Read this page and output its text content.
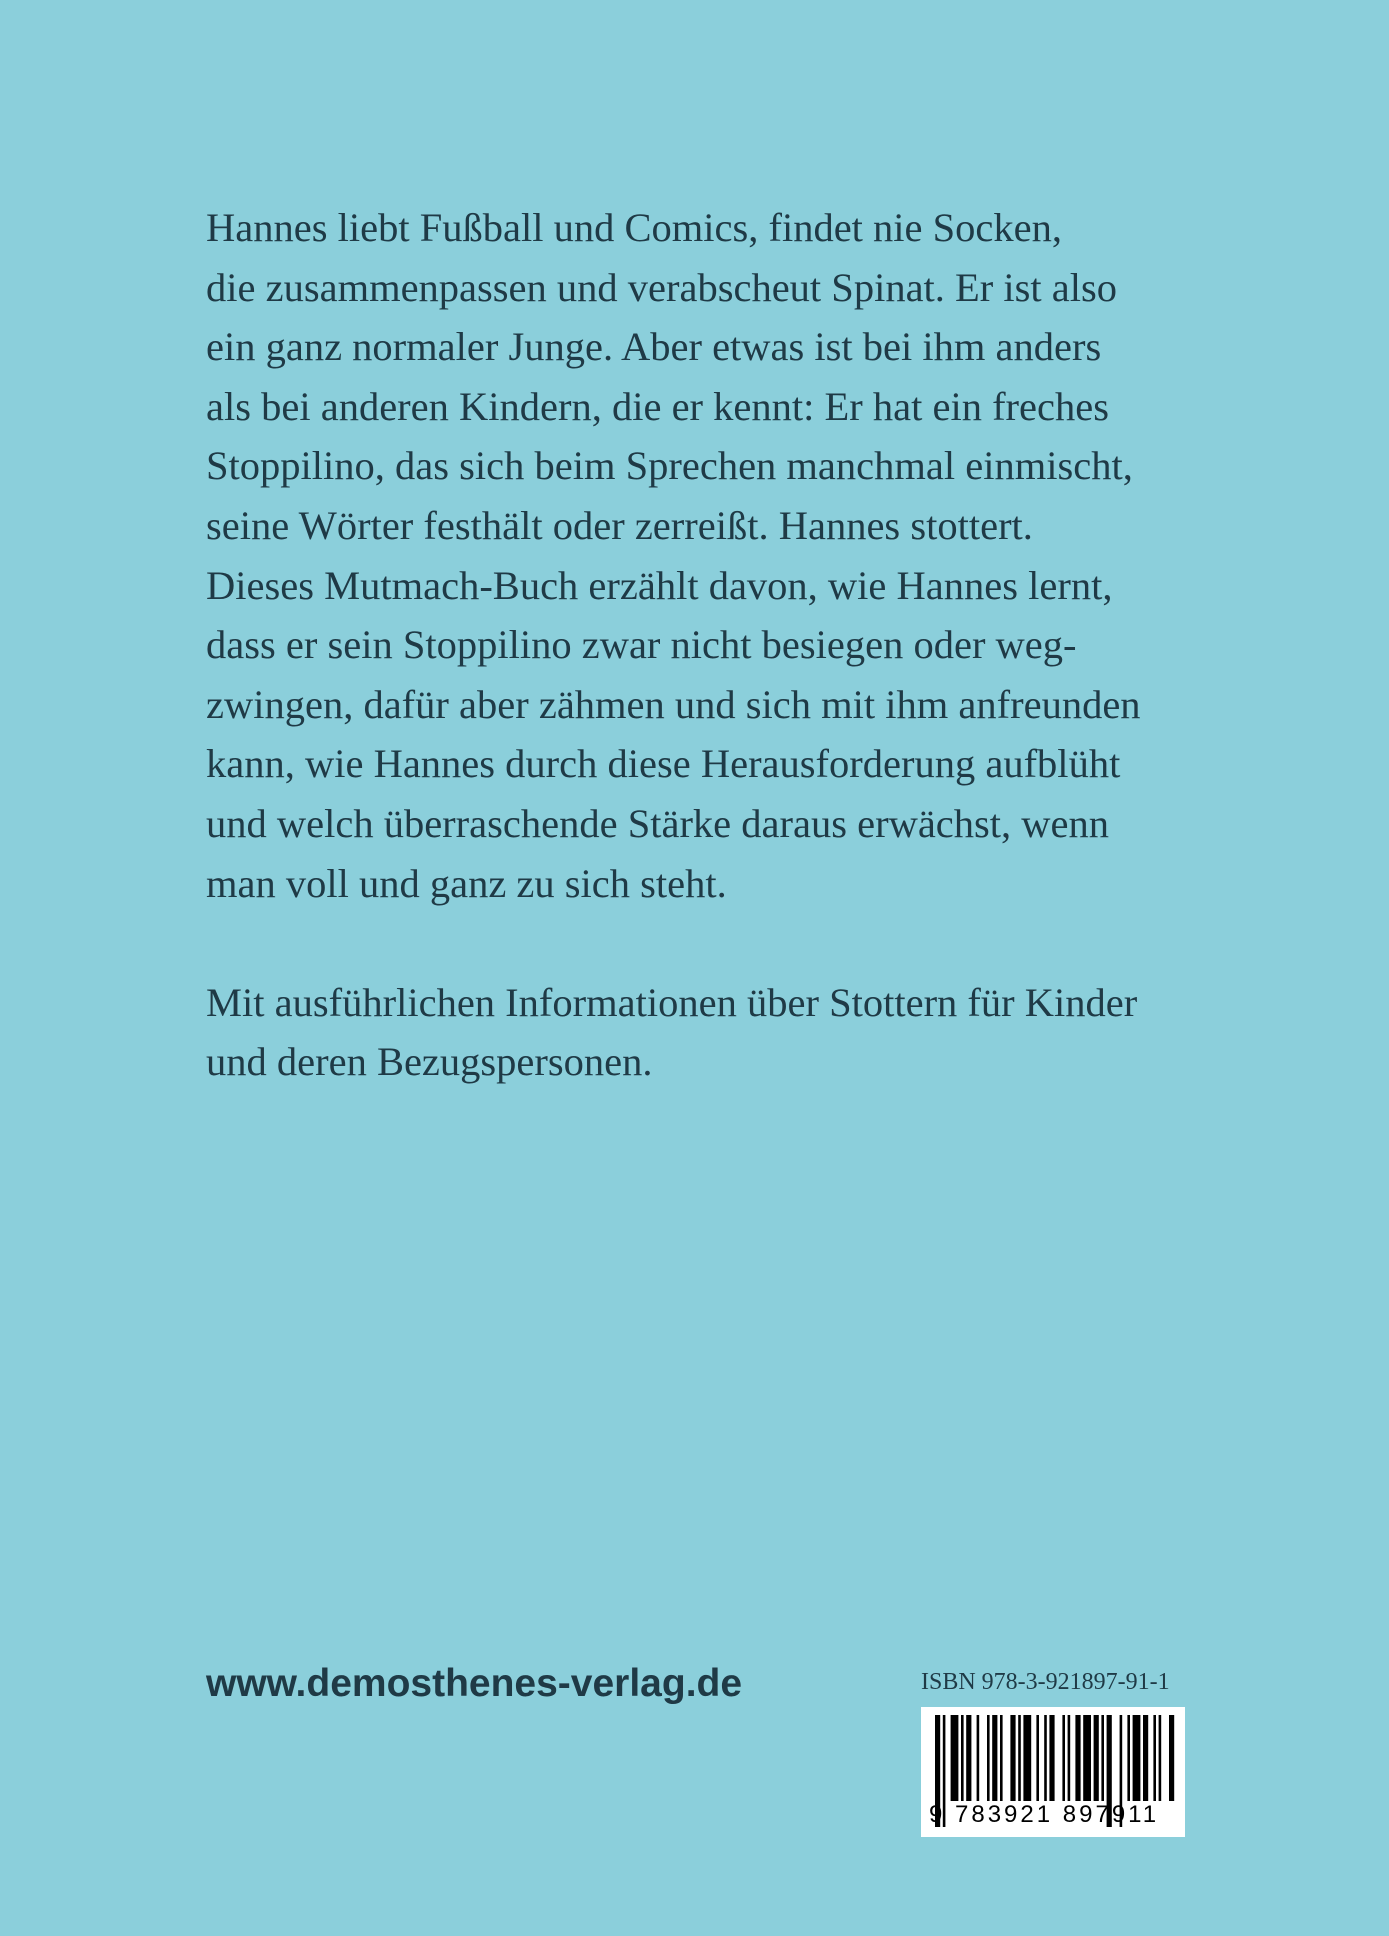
Hannes liebt Fußball und Comics, findet nie Socken,
die zusammenpassen und verabscheut Spinat. Er ist also
ein ganz normaler Junge. Aber etwas ist bei ihm anders
als bei anderen Kindern, die er kennt: Er hat ein freches
Stoppilino, das sich beim Sprechen manchmal einmischt,
seine Wörter festhält oder zerreißt. Hannes stottert.
Dieses Mutmach-Buch erzählt davon, wie Hannes lernt,
dass er sein Stoppilino zwar nicht besiegen oder weg-
zwingen, dafür aber zähmen und sich mit ihm anfreunden
kann, wie Hannes durch diese Herausforderung aufblüht
und welch überraschende Stärke daraus erwächst, wenn
man voll und ganz zu sich steht.
Mit ausführlichen Informationen über Stottern für Kinder
und deren Bezugspersonen.
www.demosthenes-verlag.de	ISBN 978-3-921897-91-1
9 783921 897911
